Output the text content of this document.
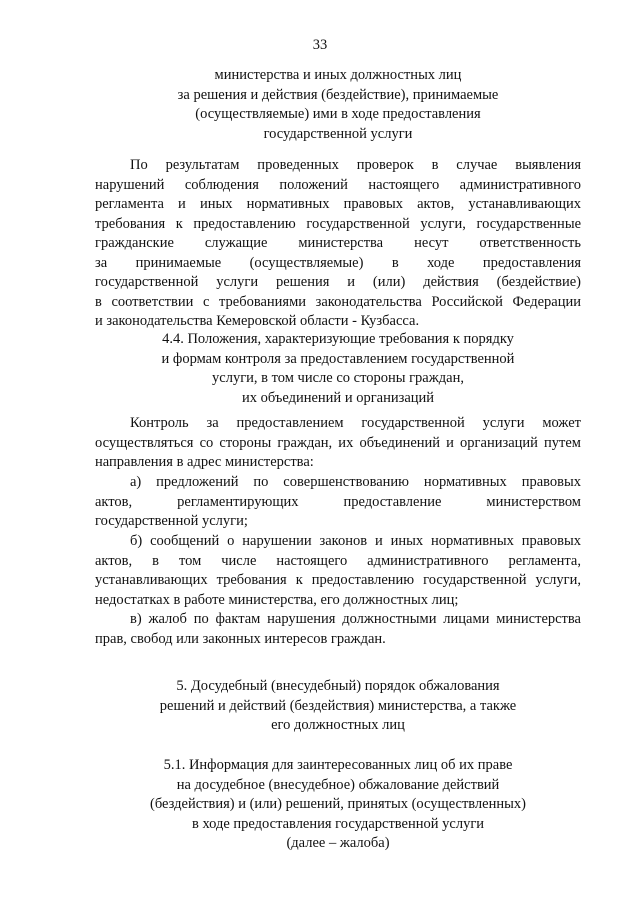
33
министерства и иных должностных лиц
за решения и действия (бездействие), принимаемые
(осуществляемые) ими в ходе предоставления
государственной услуги
По результатам проведенных проверок в случае выявления
нарушений соблюдения положений настоящего административного
регламента и иных нормативных правовых актов, устанавливающих
требования к предоставлению государственной услуги, государственные
гражданские служащие министерства несут ответственность
за принимаемые (осуществляемые) в ходе предоставления
государственной услуги решения и (или) действия (бездействие)
в соответствии с требованиями законодательства Российской Федерации
и законодательства Кемеровской области - Кузбасса.
4.4. Положения, характеризующие требования к порядку
и формам контроля за предоставлением государственной
услуги, в том числе со стороны граждан,
их объединений и организаций
Контроль за предоставлением государственной услуги может
осуществляться со стороны граждан, их объединений и организаций путем
направления в адрес министерства:
а) предложений по совершенствованию нормативных правовых
актов, регламентирующих предоставление министерством
государственной услуги;
б) сообщений о нарушении законов и иных нормативных правовых
актов, в том числе настоящего административного регламента,
устанавливающих требования к предоставлению государственной услуги,
недостатках в работе министерства, его должностных лиц;
в) жалоб по фактам нарушения должностными лицами министерства
прав, свобод или законных интересов граждан.
5. Досудебный (внесудебный) порядок обжалования
решений и действий (бездействия) министерства, а также
его должностных лиц
5.1. Информация для заинтересованных лиц об их праве
на досудебное (внесудебное) обжалование действий
(бездействия) и (или) решений, принятых (осуществленных)
в ходе предоставления государственной услуги
(далее – жалоба)
